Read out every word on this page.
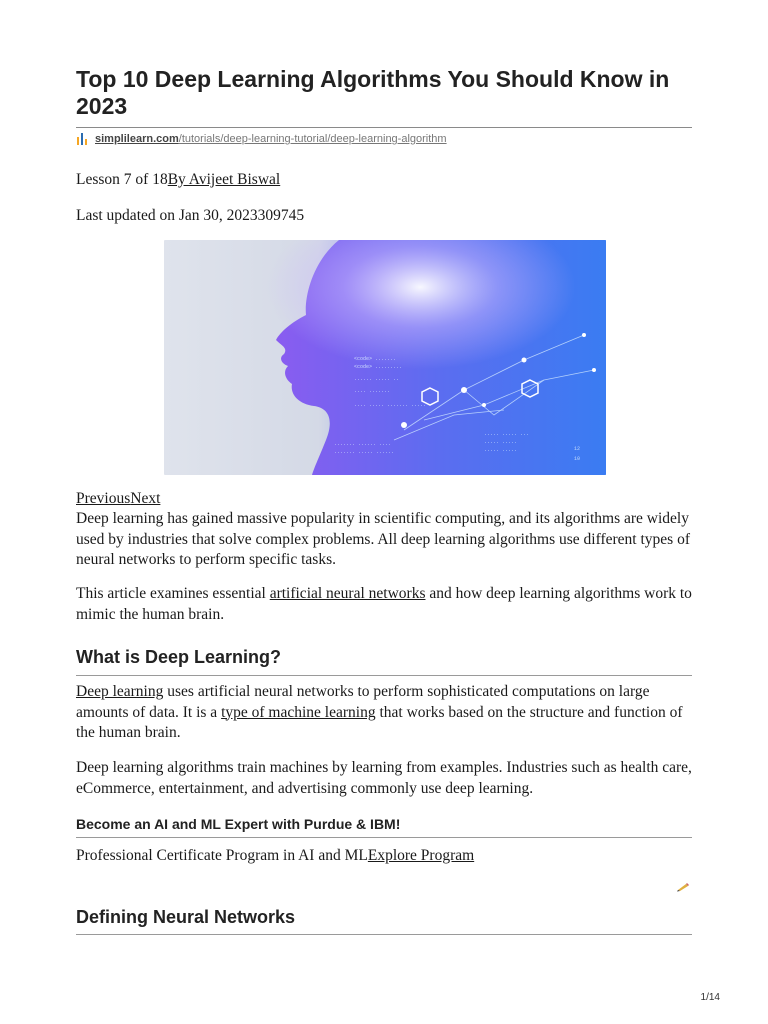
Top 10 Deep Learning Algorithms You Should Know in 2023
simplilearn.com /tutorials/deep-learning-tutorial/deep-learning-algorithm

Lesson 7 of 18By Avijeet Biswal

Last updated on Jan 30, 2023309745

<code> .......
<code> .........
...... ..... ..
.... .......
.... ..... ....... .....
....... ...... ....
....... ..... ......
..... ..... ...
..... .....
..... .....	12
10

PreviousNext

Deep learning has gained massive popularity in scientific computing, and its algorithms are widely used by industries that solve complex problems. All deep learning algorithms use different types of neural networks to perform specific tasks.

This article examines essential artificial neural networks and how deep learning algorithms work to mimic the human brain.

What is Deep Learning?

Deep learning uses artificial neural networks to perform sophisticated computations on large amounts of data. It is a type of machine learning that works based on the structure and function of the human brain.

Deep learning algorithms train machines by learning from examples. Industries such as health care, eCommerce, entertainment, and advertising commonly use deep learning.

Become an AI and ML Expert with Purdue & IBM!

Professional Certificate Program in AI and MLExplore Program

Defining Neural Networks
1/14
